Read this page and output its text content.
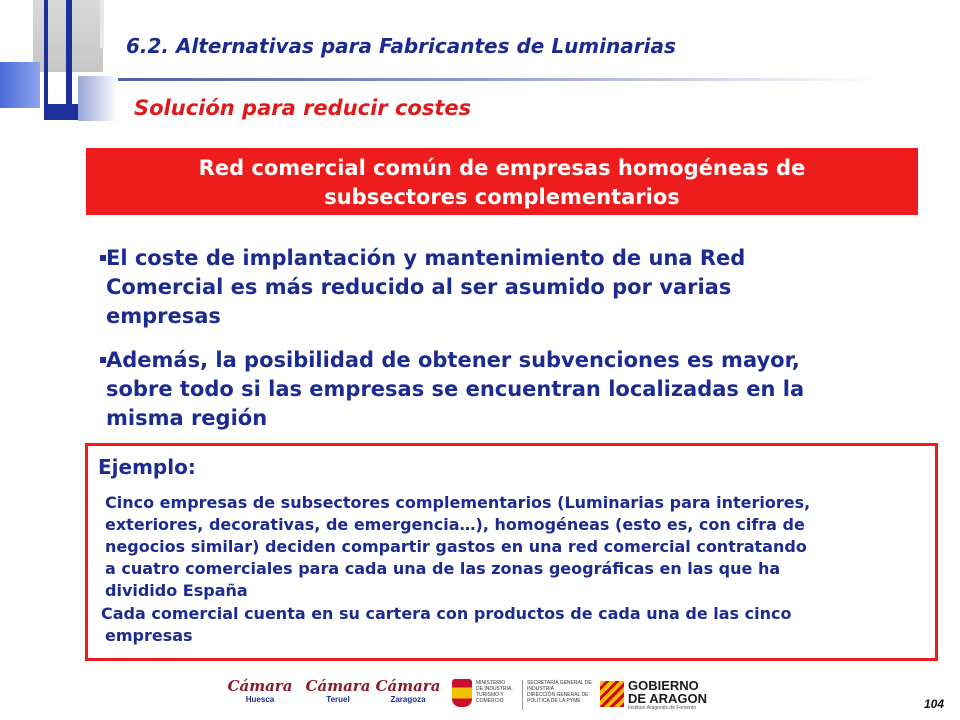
6.2. Alternativas para Fabricantes de Luminarias
Solución para reducir costes
Red comercial común de empresas homogéneas de
subsectores complementarios
El coste de implantación y mantenimiento de una Red
Comercial es más reducido al ser asumido por varias
empresas
Además, la posibilidad de obtener subvenciones es mayor,
sobre todo si las empresas se encuentran localizadas en la
misma región
Ejemplo:
Cinco empresas de subsectores complementarios (Luminarias para interiores,
exteriores, decorativas, de emergencia…), homogéneas (esto es, con cifra de
negocios similar) deciden compartir gastos en una red comercial contratando
a cuatro comerciales para cada una de las zonas geográficas en las que ha
dividido España
Cada comercial cuenta en su cartera con productos de cada una de las cinco
empresas
Cámara
Huesca
Cámara
Teruel
Cámara
Zaragoza
MINISTERIO
DE INDUSTRIA,
TURISMO Y
COMERCIO
SECRETARÍA GENERAL DE
INDUSTRIA
DIRECCIÓN GENERAL DE
POLÍTICA DE LA PYME
GOBIERNO
DE ARAGON
Instituto Aragonés de Fomento	104
